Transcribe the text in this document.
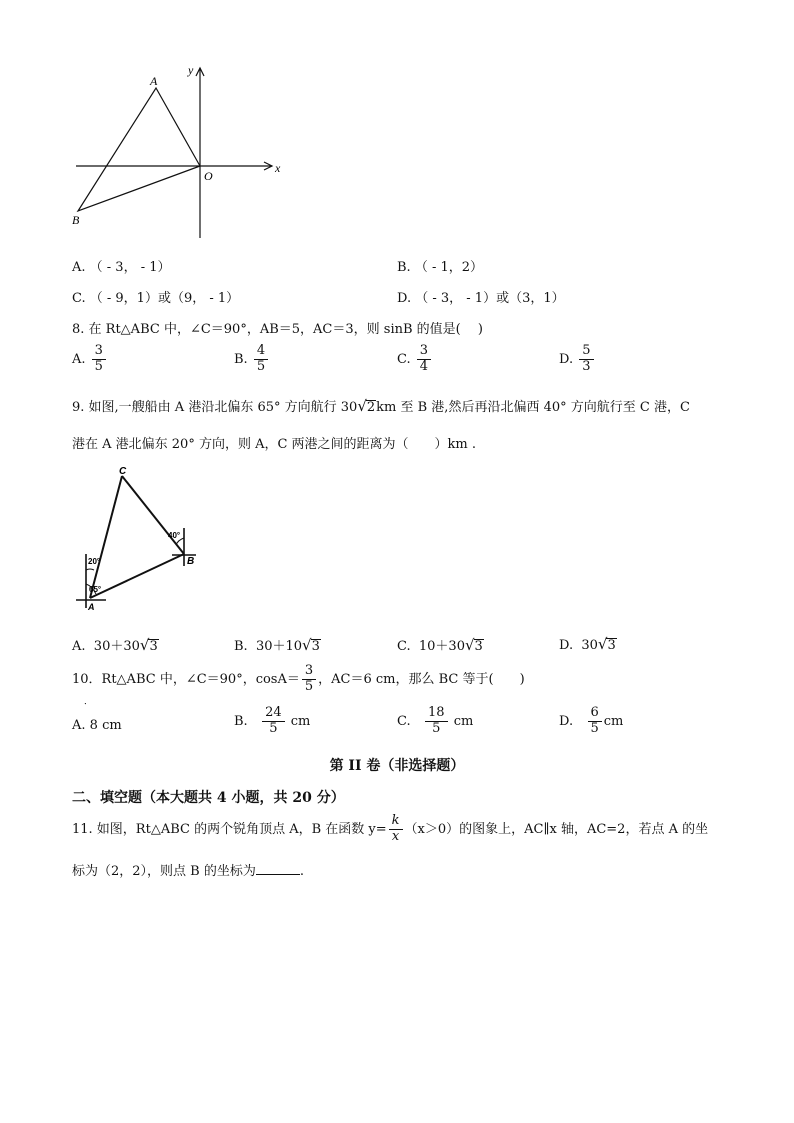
A
B
O
x
y
A. （ - 3， - 1）	B. （ - 1，2）
C. （ - 9，1）或（9， - 1）	D. （ - 3， - 1）或（3，1）
8. 在 Rt△ABC 中，∠C＝90°，AB＝5，AC＝3，则 sinB 的值是(　 )
A. $\frac{3}{5}$	B. $\frac{4}{5}$	C. $\frac{3}{4}$	D. $\frac{5}{3}$
9. 如图,一艘船由 A 港沿北偏东 65° 方向航行 30√2km 至 B 港,然后再沿北偏西 40° 方向航行至 C 港，C
港在 A 港北偏东 20° 方向，则 A，C 两港之间的距离为（　　）km .
C
B
A
20°
65°
40°
A. 30＋30√3	B. 30＋10√3	C. 10＋30√3	D. 30√3
10．Rt△ABC 中，∠C＝90°，$\cos A= \frac{3}{5}$ ，AC＝6 cm，那么 BC 等于(　　)
．
A. 8 cm	B. $\frac{24}{5}$ cm	C. $\frac{18}{5}$ cm	D. $\frac{6}{5}$ cm
第 II 卷（非选择题）
二、填空题（本大题共 4 小题，共 20 分）
11. 如图，Rt△ABC 的两个锐角顶点 A，B 在函数 $y= \frac{k}{x} (x>0)$的图象上，AC∥x 轴，AC=2，若点 A 的坐
标为（2，2），则点 B 的坐标为	.
